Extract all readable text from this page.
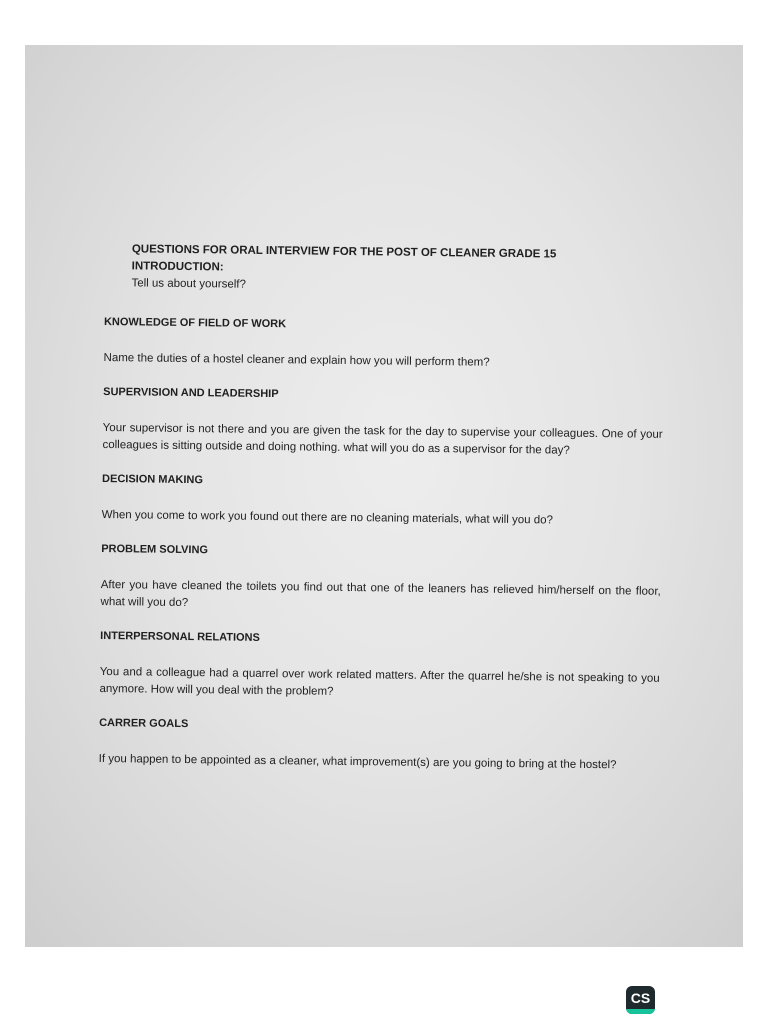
QUESTIONS FOR ORAL INTERVIEW FOR THE POST OF CLEANER GRADE 15
INTRODUCTION:
Tell us about yourself?
KNOWLEDGE OF FIELD OF WORK

Name the duties of a hostel cleaner and explain how you will perform them?

SUPERVISION AND LEADERSHIP

Your supervisor is not there and you are given the task for the day to supervise your colleagues. One of your colleagues is sitting outside and doing nothing. what will you do as a supervisor for the day?

DECISION MAKING

When you come to work you found out there are no cleaning materials, what will you do?

PROBLEM SOLVING

After you have cleaned the toilets you find out that one of the leaners has relieved him/herself on the floor, what will you do?

INTERPERSONAL RELATIONS

You and a colleague had a quarrel over work related matters. After the quarrel he/she is not speaking to you anymore. How will you deal with the problem?

CARRER GOALS

If you happen to be appointed as a cleaner, what improvement(s) are you going to bring at the hostel?

CS
